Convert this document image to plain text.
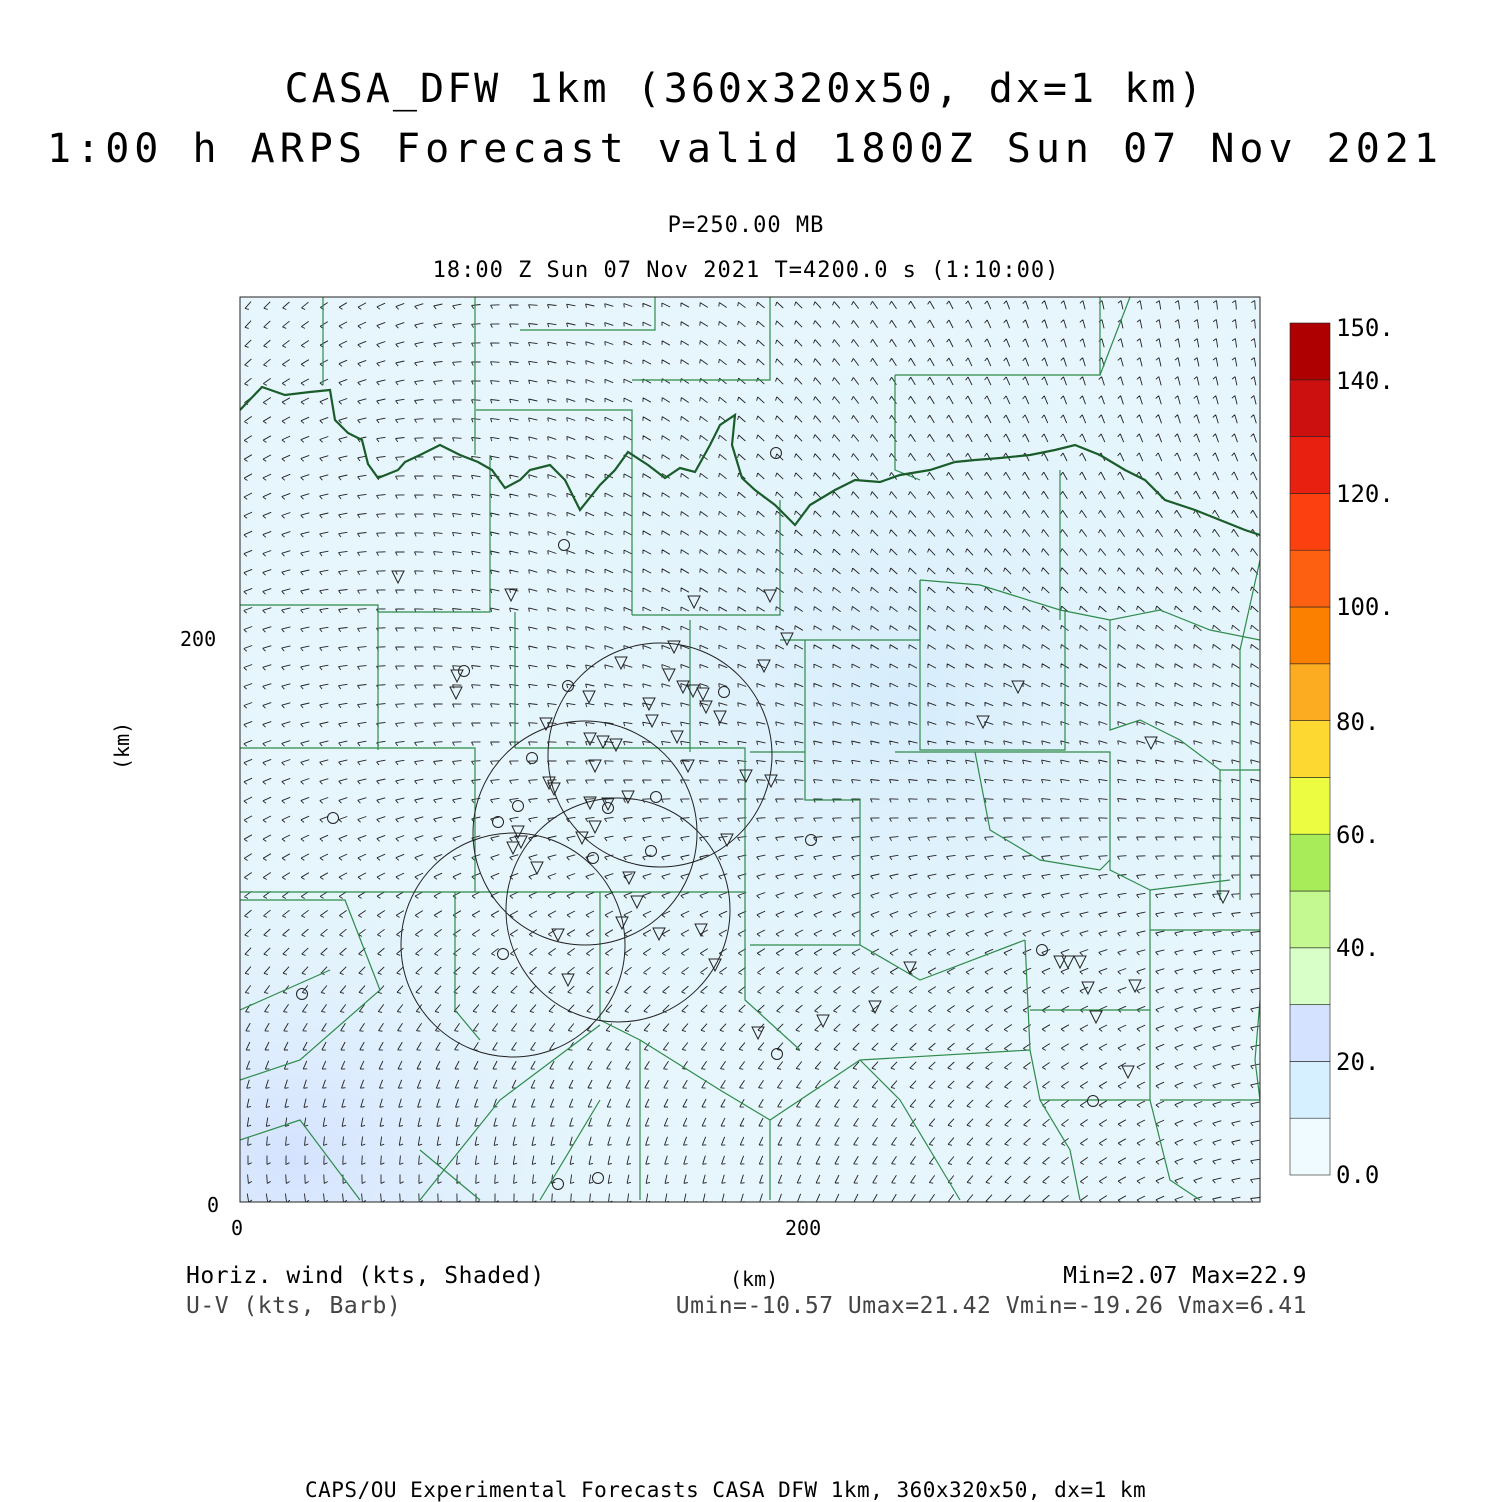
150.
140.
120.
100.
80.
60.
40.
20.
0.0
CASA_DFW 1km (360x320x50, dx=1 km)
1:00 h ARPS Forecast valid 1800Z Sun 07 Nov 2021
P=250.00 MB
18:00 Z Sun 07 Nov 2021 T=4200.0 s (1:10:00)
200
0
0	200
(km)
(km)
Horiz. wind (kts, Shaded)
U-V (kts, Barb)
Min=2.07 Max=22.9
Umin=-10.57 Umax=21.42 Vmin=-19.26 Vmax=6.41
CAPS/OU Experimental Forecasts CASA DFW 1km, 360x320x50, dx=1 km
